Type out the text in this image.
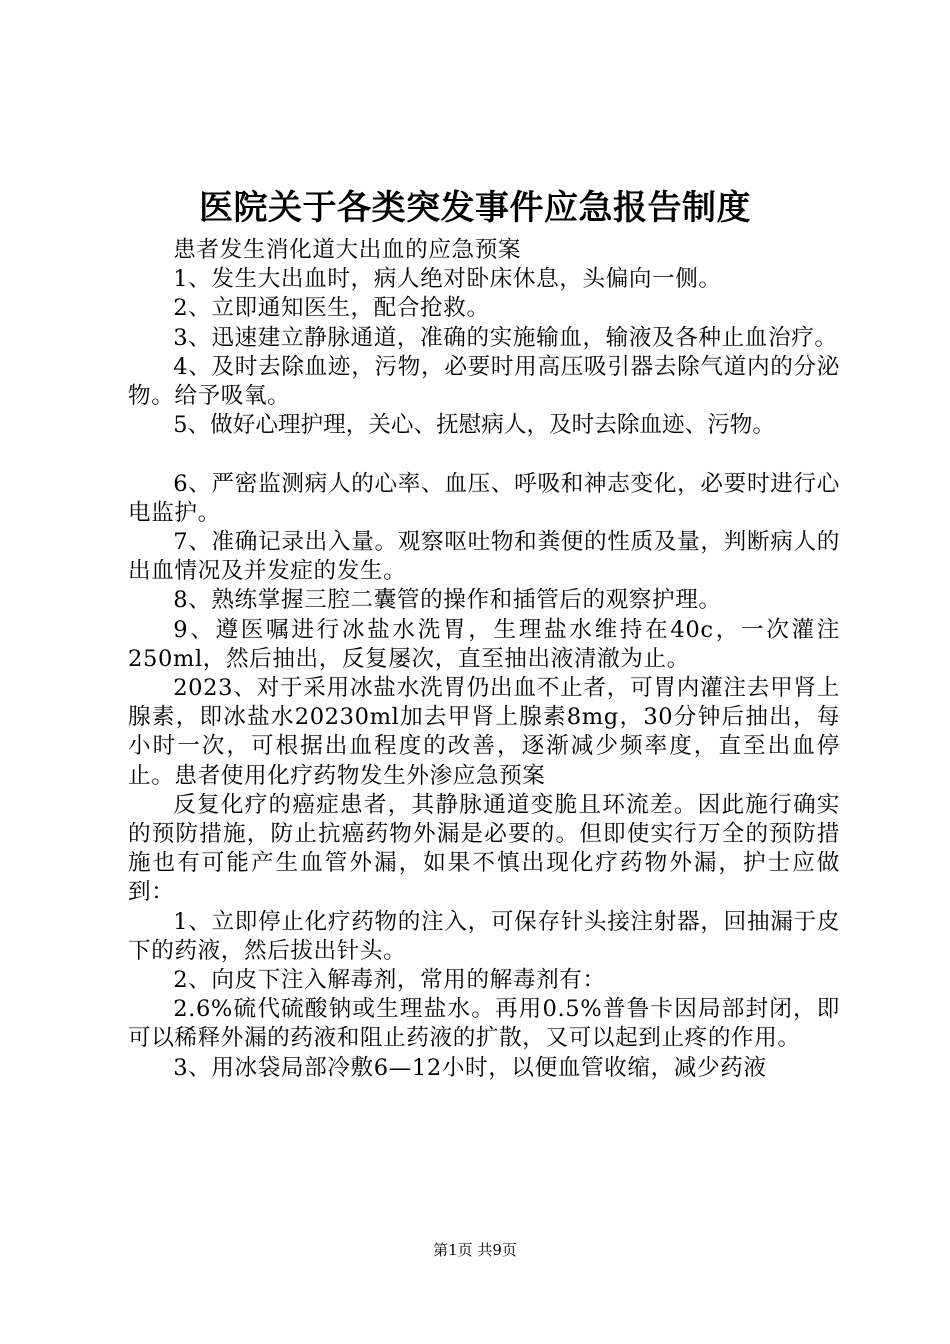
医院关于各类突发事件应急报告制度

患者发生消化道大出血的应急预案

1、发生大出血时，病人绝对卧床休息，头偏向一侧。

2、立即通知医生，配合抢救。

3、迅速建立静脉通道，准确的实施输血，输液及各种止血治疗。

4、及时去除血迹，污物，必要时用高压吸引器去除气道内的分泌物。给予吸氧。

5、做好心理护理，关心、抚慰病人，及时去除血迹、污物。

6、严密监测病人的心率、血压、呼吸和神志变化，必要时进行心电监护。

7、准确记录出入量。观察呕吐物和粪便的性质及量，判断病人的出血情况及并发症的发生。

8、熟练掌握三腔二囊管的操作和插管后的观察护理。

9、遵医嘱进行冰盐水洗胃，生理盐水维持在40c，一次灌注250ml，然后抽出，反复屡次，直至抽出液清澈为止。

2023、对于采用冰盐水洗胃仍出血不止者，可胃内灌注去甲肾上腺素，即冰盐水20230ml加去甲肾上腺素8mg，30分钟后抽出，每小时一次，可根据出血程度的改善，逐渐减少频率度，直至出血停止。患者使用化疗药物发生外渗应急预案

反复化疗的癌症患者，其静脉通道变脆且环流差。因此施行确实的预防措施，防止抗癌药物外漏是必要的。但即使实行万全的预防措施也有可能产生血管外漏，如果不慎出现化疗药物外漏，护士应做到：

1、立即停止化疗药物的注入，可保存针头接注射器，回抽漏于皮下的药液，然后拔出针头。

2、向皮下注入解毒剂，常用的解毒剂有：

2.6%硫代硫酸钠或生理盐水。再用0.5%普鲁卡因局部封闭，即可以稀释外漏的药液和阻止药液的扩散，又可以起到止疼的作用。

3、用冰袋局部冷敷6—12小时，以便血管收缩，减少药液

第1页 共9页
